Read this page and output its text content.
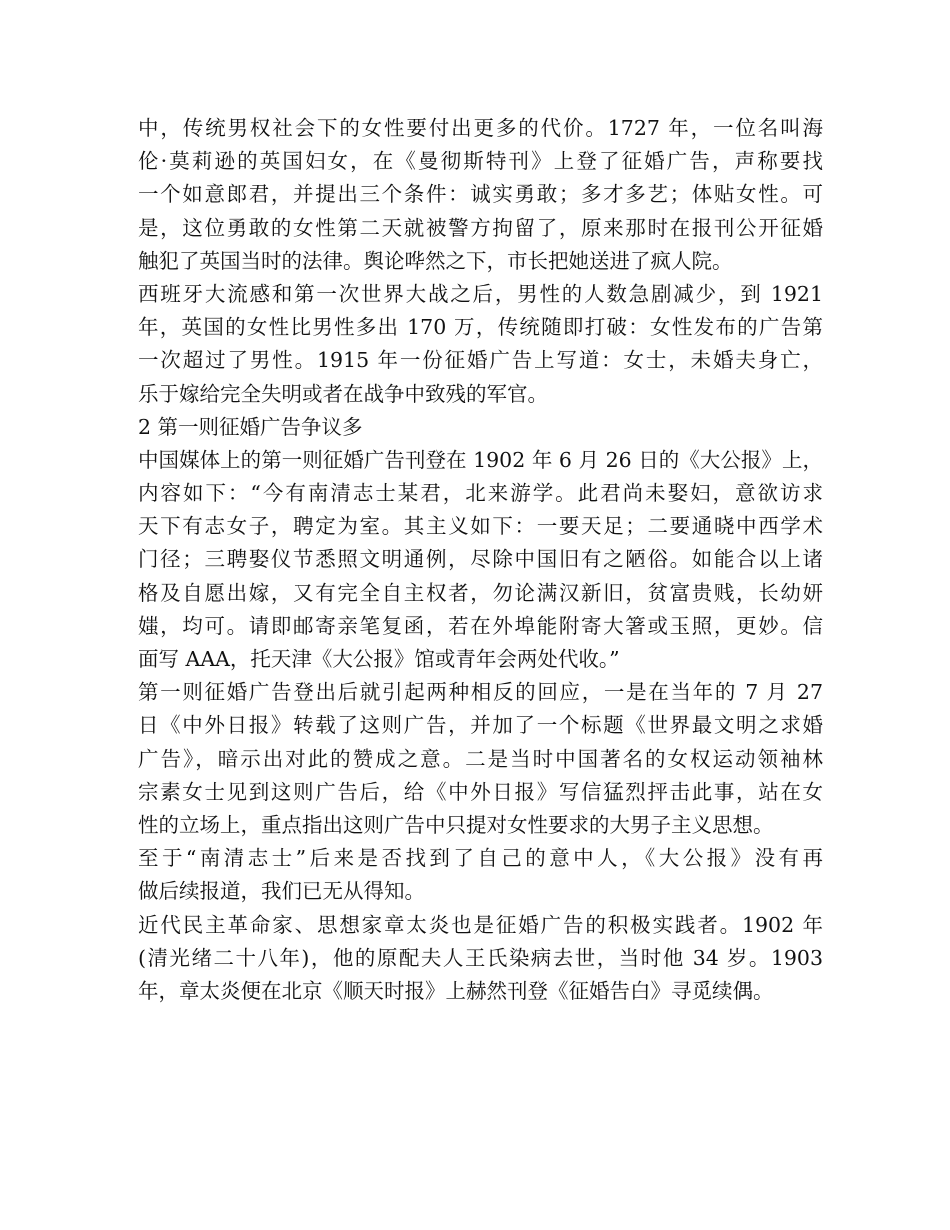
中，传统男权社会下的女性要付出更多的代价。1727 年，一位名叫海
伦·莫莉逊的英国妇女，在《曼彻斯特刊》上登了征婚广告，声称要找
一个如意郎君，并提出三个条件：诚实勇敢；多才多艺；体贴女性。可
是，这位勇敢的女性第二天就被警方拘留了，原来那时在报刊公开征婚
触犯了英国当时的法律。舆论哗然之下，市长把她送进了疯人院。
西班牙大流感和第一次世界大战之后，男性的人数急剧减少，到 1921
年，英国的女性比男性多出 170 万，传统随即打破：女性发布的广告第
一次超过了男性。1915 年一份征婚广告上写道：女士，未婚夫身亡，
乐于嫁给完全失明或者在战争中致残的军官。
2 第一则征婚广告争议多
中国媒体上的第一则征婚广告刊登在 1902 年 6 月 26 日的《大公报》上，
内容如下：“今有南清志士某君，北来游学。此君尚未娶妇，意欲访求
天下有志女子，聘定为室。其主义如下：一要天足；二要通晓中西学术
门径；三聘娶仪节悉照文明通例，尽除中国旧有之陋俗。如能合以上诸
格及自愿出嫁，又有完全自主权者，勿论满汉新旧，贫富贵贱，长幼妍
媸，均可。请即邮寄亲笔复函，若在外埠能附寄大箸或玉照，更妙。信
面写 AAA，托天津《大公报》馆或青年会两处代收。”
第一则征婚广告登出后就引起两种相反的回应，一是在当年的 7 月 27
日《中外日报》转载了这则广告，并加了一个标题《世界最文明之求婚
广告》，暗示出对此的赞成之意。二是当时中国著名的女权运动领袖林
宗素女士见到这则广告后，给《中外日报》写信猛烈抨击此事，站在女
性的立场上，重点指出这则广告中只提对女性要求的大男子主义思想。
至于“南清志士”后来是否找到了自己的意中人，《大公报》没有再
做后续报道，我们已无从得知。
近代民主革命家、思想家章太炎也是征婚广告的积极实践者。1902 年
(清光绪二十八年)，他的原配夫人王氏染病去世，当时他 34 岁。1903
年，章太炎便在北京《顺天时报》上赫然刊登《征婚告白》寻觅续偶。
